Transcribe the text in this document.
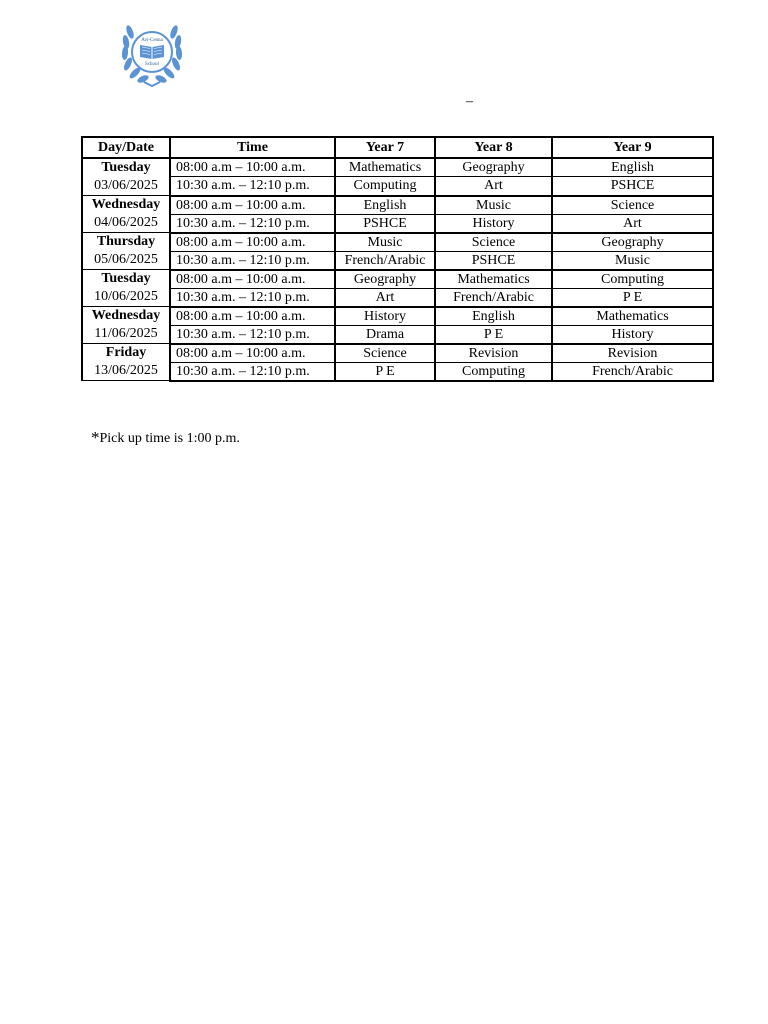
Avi-Cenna
School
–
Day/Date	Time	Year 7	Year 8	Year 9

Tuesday
03/06/2025	08:00 a.m – 10:00 a.m.	Mathematics	Geography	English
	10:30 a.m. – 12:10 p.m.	Computing	Art	PSHCE

Wednesday
04/06/2025	08:00 a.m – 10:00 a.m.	English	Music	Science
	10:30 a.m. – 12:10 p.m.	PSHCE	History	Art

Thursday
05/06/2025	08:00 a.m – 10:00 a.m.	Music	Science	Geography
	10:30 a.m. – 12:10 p.m.	French/Arabic	PSHCE	Music

Tuesday
10/06/2025	08:00 a.m – 10:00 a.m.	Geography	Mathematics	Computing
	10:30 a.m. – 12:10 p.m.	Art	French/Arabic	P E

Wednesday
11/06/2025	08:00 a.m – 10:00 a.m.	History	English	Mathematics
	10:30 a.m. – 12:10 p.m.	Drama	P E	History

Friday
13/06/2025	08:00 a.m – 10:00 a.m.	Science	Revision	Revision
	10:30 a.m. – 12:10 p.m.	P E	Computing	French/Arabic
*Pick up time is 1:00 p.m.
